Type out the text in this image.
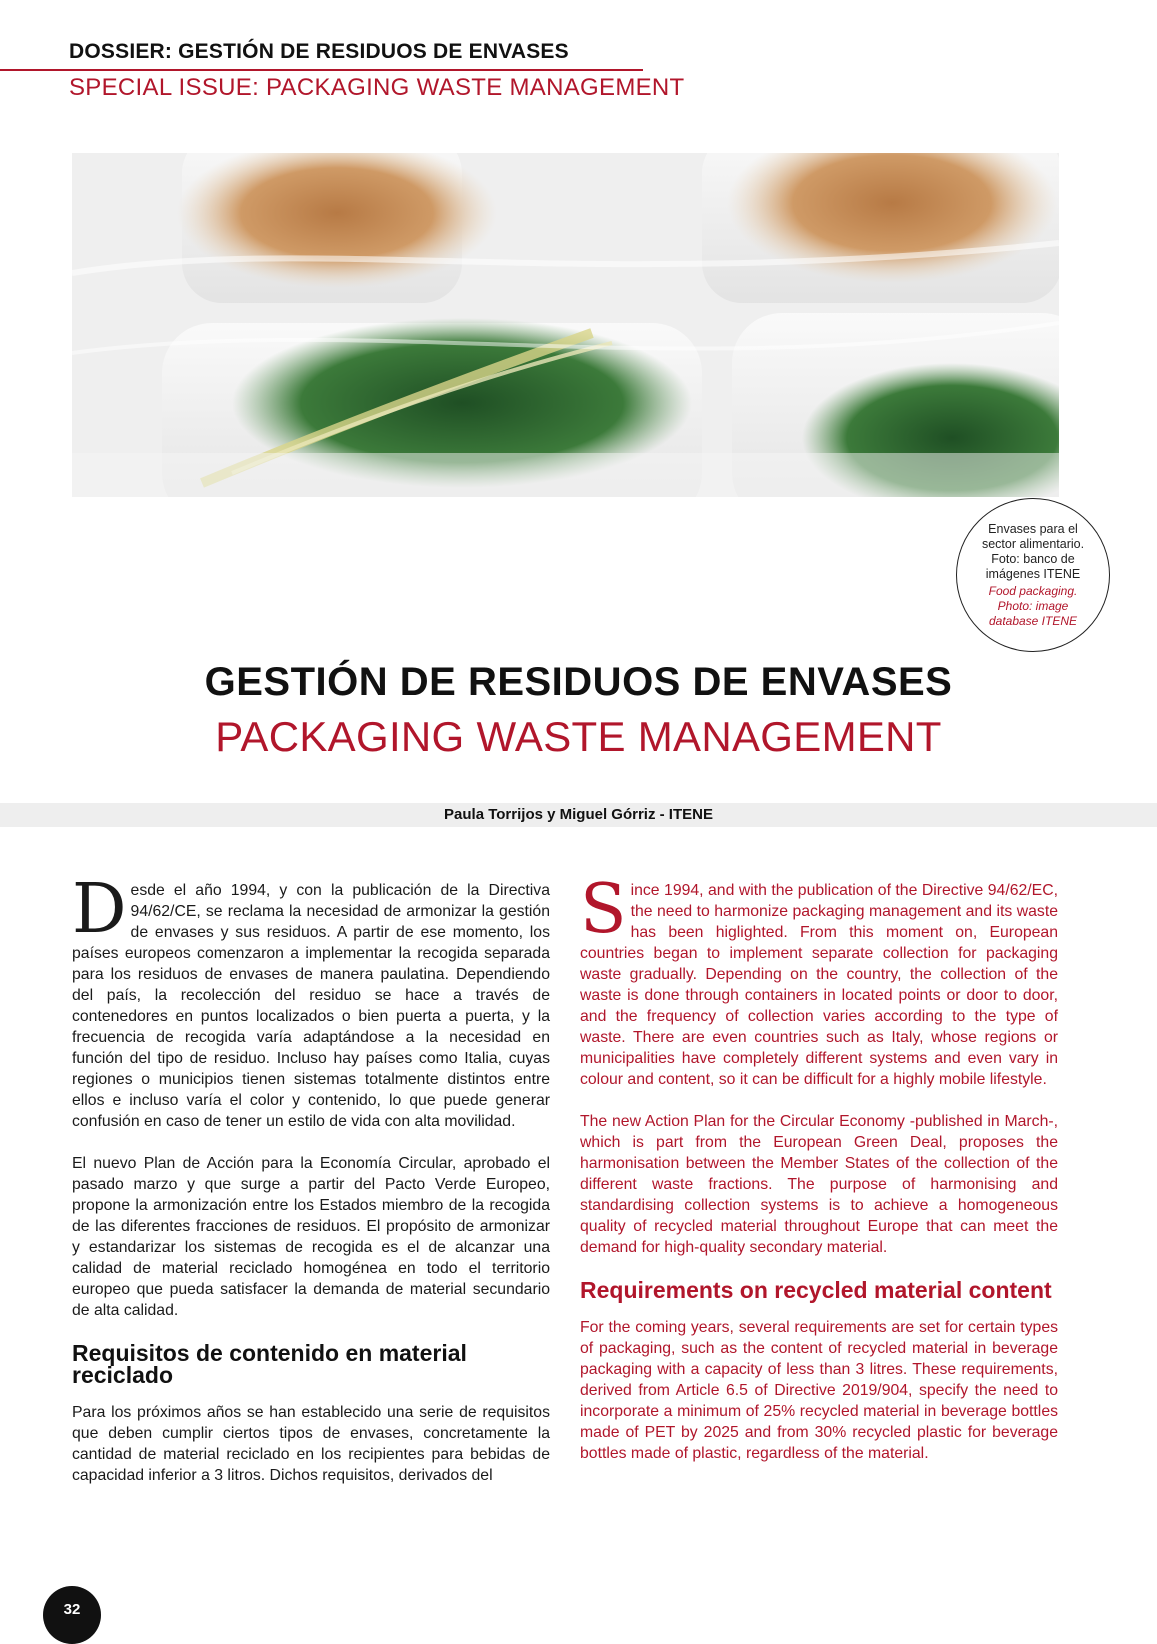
DOSSIER: GESTIÓN DE RESIDUOS DE ENVASES
SPECIAL ISSUE: PACKAGING WASTE MANAGEMENT
Envases para el sector alimentario. Foto: banco de imágenes ITENE
Food packaging. Photo: image database ITENE
GESTIÓN DE RESIDUOS DE ENVASES
PACKAGING WASTE MANAGEMENT
Paula Torrijos y Miguel Górriz - ITENE

Desde el año 1994, y con la publicación de la Directiva 94/62/CE, se reclama la necesidad de armonizar la gestión de envases y sus residuos. A partir de ese momento, los países europeos comenzaron a implementar la recogida separada para los residuos de envases de manera paulatina. Dependiendo del país, la recolección del residuo se hace a través de contenedores en puntos localizados o bien puerta a puerta, y la frecuencia de recogida varía adaptándose a la necesidad en función del tipo de residuo. Incluso hay países como Italia, cuyas regiones o municipios tienen sistemas totalmente distintos entre ellos e incluso varía el color y contenido, lo que puede generar confusión en caso de tener un estilo de vida con alta movilidad.

El nuevo Plan de Acción para la Economía Circular, aprobado el pasado marzo y que surge a partir del Pacto Verde Europeo, propone la armonización entre los Estados miembro de la recogida de las diferentes fracciones de residuos. El propósito de armonizar y estandarizar los sistemas de recogida es el de alcanzar una calidad de material reciclado homogénea en todo el territorio europeo que pueda satisfacer la demanda de material secundario de alta calidad.

Requisitos de contenido en material reciclado

Para los próximos años se han establecido una serie de requisitos que deben cumplir ciertos tipos de envases, concretamente la cantidad de material reciclado en los recipientes para bebidas de capacidad inferior a 3 litros. Dichos requisitos, derivados del

Since 1994, and with the publication of the Directive 94/62/EC, the need to harmonize packaging management and its waste has been higlighted. From this moment on, European countries began to implement separate collection for packaging waste gradually. Depending on the country, the collection of the waste is done through containers in located points or door to door, and the frequency of collection varies according to the type of waste. There are even countries such as Italy, whose regions or municipalities have completely different systems and even vary in colour and content, so it can be difficult for a highly mobile lifestyle.

The new Action Plan for the Circular Economy -published in March-, which is part from the European Green Deal, proposes the harmonisation between the Member States of the collection of the different waste fractions. The purpose of harmonising and standardising collection systems is to achieve a homogeneous quality of recycled material throughout Europe that can meet the demand for high-quality secondary material.

Requirements on recycled material content

For the coming years, several requirements are set for certain types of packaging, such as the content of recycled material in beverage packaging with a capacity of less than 3 litres. These requirements, derived from Article 6.5 of Directive 2019/904, specify the need to incorporate a minimum of 25% recycled material in beverage bottles made of PET by 2025 and from 30% recycled plastic for beverage bottles made of plastic, regardless of the material.

32
